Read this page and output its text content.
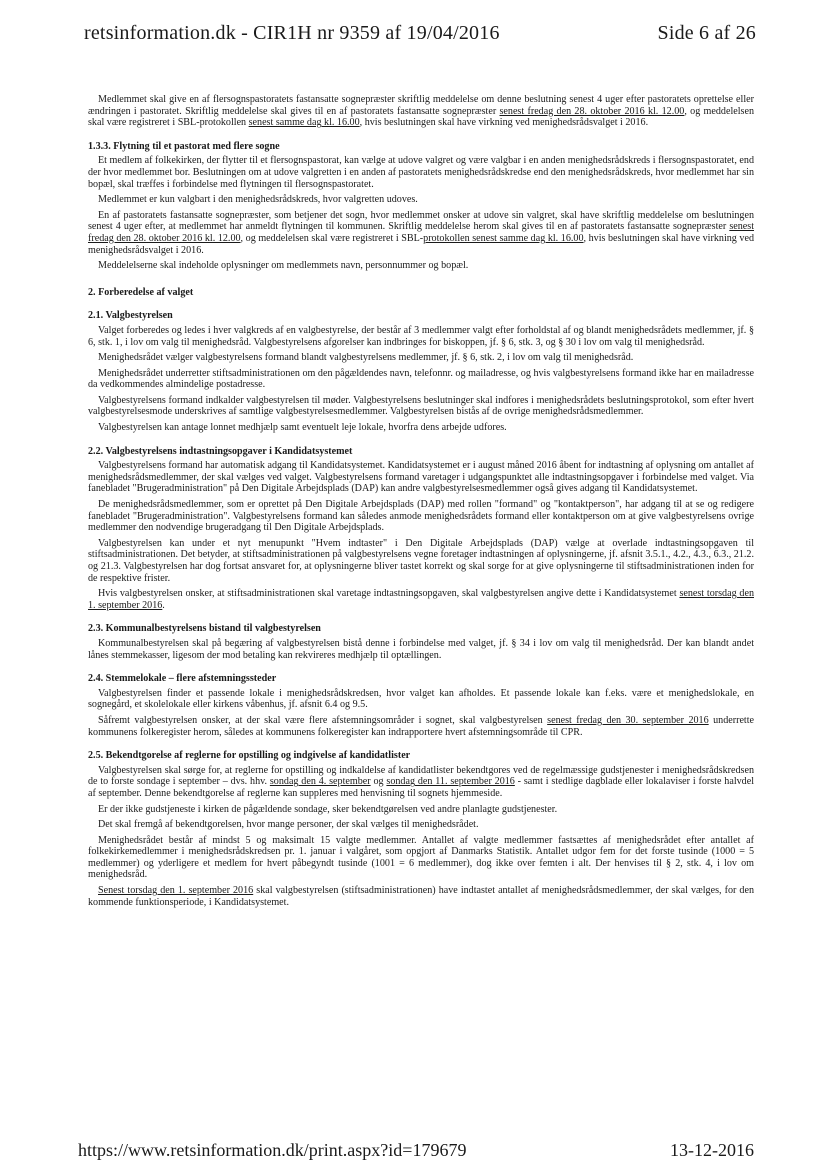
retsinformation.dk - CIR1H nr 9359 af 19/04/2016	Side 6 af 26

Medlemmet skal give en af flersognspastoratets fastansatte sognepræster skriftlig meddelelse om denne beslutning senest 4 uger efter pastoratets oprettelse eller ændringen i pastoratet. Skriftlig meddelelse skal gives til en af pastoratets fastansatte sognepræster senest fredag den 28. oktober 2016 kl. 12.00, og meddelelsen skal være registreret i SBL-protokollen senest samme dag kl. 16.00, hvis beslutningen skal have virkning ved menighedsrådsvalget i 2016.

1.3.3. Flytning til et pastorat med flere sogne

Et medlem af folkekirken, der flytter til et flersognspastorat, kan vælge at udove valgret og være valgbar i en anden menighedsrådskreds i flersognspastoratet, end der hvor medlemmet bor. Beslutningen om at udove valgretten i en anden af pastoratets menighedsrådskredse end den menighedsrådskreds, hvor medlemmet har sin bopæl, skal træffes i forbindelse med flytningen til flersognspastoratet.

Medlemmet er kun valgbart i den menighedsrådskreds, hvor valgretten udoves.

En af pastoratets fastansatte sognepræster, som betjener det sogn, hvor medlemmet onsker at udove sin valgret, skal have skriftlig meddelelse om beslutningen senest 4 uger efter, at medlemmet har anmeldt flytningen til kommunen. Skriftlig meddelelse herom skal gives til en af pastoratets fastansatte sognepræster senest fredag den 28. oktober 2016 kl. 12.00, og meddelelsen skal være registreret i SBL-protokollen senest samme dag kl. 16.00, hvis beslutningen skal have virkning ved menighedsrådsvalget i 2016.

Meddelelserne skal indeholde oplysninger om medlemmets navn, personnummer og bopæl.

2. Forberedelse af valget
2.1. Valgbestyrelsen

Valget forberedes og ledes i hver valgkreds af en valgbestyrelse, der består af 3 medlemmer valgt efter forholdstal af og blandt menighedsrådets medlemmer, jf. § 6, stk. 1, i lov om valg til menighedsråd. Valgbestyrelsens afgorelser kan indbringes for biskoppen, jf. § 6, stk. 3, og § 30 i lov om valg til menighedsråd.

Menighedsrådet vælger valgbestyrelsens formand blandt valgbestyrelsens medlemmer, jf. § 6, stk. 2, i lov om valg til menighedsråd.

Menighedsrådet underretter stiftsadministrationen om den pågældendes navn, telefonnr. og mailadresse, og hvis valgbestyrelsens formand ikke har en mailadresse da vedkommendes almindelige postadresse.

Valgbestyrelsens formand indkalder valgbestyrelsen til møder. Valgbestyrelsens beslutninger skal indfores i menighedsrådets beslutningsprotokol, som efter hvert valgbestyrelsesmode underskrives af samtlige valgbestyrelsesmedlemmer. Valgbestyrelsen bistås af de ovrige menighedsrådsmedlemmer.

Valgbestyrelsen kan antage lonnet medhjælp samt eventuelt leje lokale, hvorfra dens arbejde udfores.

2.2. Valgbestyrelsens indtastningsopgaver i Kandidatsystemet

Valgbestyrelsens formand har automatisk adgang til Kandidatsystemet. Kandidatsystemet er i august måned 2016 åbent for indtastning af oplysning om antallet af menighedsrådsmedlemmer, der skal vælges ved valget. Valgbestyrelsens formand varetager i udgangspunktet alle indtastningsopgaver i forbindelse med valget. Via fanebladet "Brugeradministration" på Den Digitale Arbejdsplads (DAP) kan andre valgbestyrelsesmedlemmer også gives adgang til Kandidatsystemet.

De menighedsrådsmedlemmer, som er oprettet på Den Digitale Arbejdsplads (DAP) med rollen "formand" og "kontaktperson", har adgang til at se og redigere fanebladet "Brugeradministration". Valgbestyrelsens formand kan således anmode menighedsrådets formand eller kontaktperson om at give valgbestyrelsens ovrige medlemmer den nodvendige brugeradgang til Den Digitale Arbejdsplads.

Valgbestyrelsen kan under et nyt menupunkt "Hvem indtaster" i Den Digitale Arbejdsplads (DAP) vælge at overlade indtastningsopgaven til stiftsadministrationen. Det betyder, at stiftsadministrationen på valgbestyrelsens vegne foretager indtastningen af oplysningerne, jf. afsnit 3.5.1., 4.2., 4.3., 6.3., 21.2. og 21.3. Valgbestyrelsen har dog fortsat ansvaret for, at oplysningerne bliver tastet korrekt og skal sorge for at give oplysningerne til stiftsadministrationen inden for de respektive frister.

Hvis valgbestyrelsen onsker, at stiftsadministrationen skal varetage indtastningsopgaven, skal valgbestyrelsen angive dette i Kandidatsystemet senest torsdag den 1. september 2016.

2.3. Kommunalbestyrelsens bistand til valgbestyrelsen

Kommunalbestyrelsen skal på begæring af valgbestyrelsen bistå denne i forbindelse med valget, jf. § 34 i lov om valg til menighedsråd. Der kan blandt andet lånes stemmekasser, ligesom der mod betaling kan rekvireres medhjælp til optællingen.

2.4. Stemmelokale – flere afstemningssteder

Valgbestyrelsen finder et passende lokale i menighedsrådskredsen, hvor valget kan afholdes. Et passende lokale kan f.eks. være et menighedslokale, en sognegård, et skolelokale eller kirkens våbenhus, jf. afsnit 6.4 og 9.5.

Såfremt valgbestyrelsen onsker, at der skal være flere afstemningsområder i sognet, skal valgbestyrelsen senest fredag den 30. september 2016 underrette kommunens folkeregister herom, således at kommunens folkeregister kan indrapportere hvert afstemningsområde til CPR.

2.5. Bekendtgorelse af reglerne for opstilling og indgivelse af kandidatlister

Valgbestyrelsen skal sørge for, at reglerne for opstilling og indkaldelse af kandidatlister bekendtgores ved de regelmæssige gudstjenester i menighedsrådskredsen de to forste sondage i september – dvs. hhv. sondag den 4. september og sondag den 11. september 2016 - samt i stedlige dagblade eller lokalaviser i forste halvdel af september. Denne bekendtgorelse af reglerne kan suppleres med henvisning til sognets hjemmeside.

Er der ikke gudstjeneste i kirken de pågældende sondage, sker bekendtgørelsen ved andre planlagte gudstjenester.

Det skal fremgå af bekendtgorelsen, hvor mange personer, der skal vælges til menighedsrådet.

Menighedsrådet består af mindst 5 og maksimalt 15 valgte medlemmer. Antallet af valgte medlemmer fastsættes af menighedsrådet efter antallet af folkekirkemedlemmer i menighedsrådskredsen pr. 1. januar i valgåret, som opgjort af Danmarks Statistik. Antallet udgor fem for det forste tusinde (1000 = 5 medlemmer) og yderligere et medlem for hvert påbegyndt tusinde (1001 = 6 medlemmer), dog ikke over femten i alt. Der henvises til § 2, stk. 4, i lov om menighedsråd.

Senest torsdag den 1. september 2016 skal valgbestyrelsen (stiftsadministrationen) have indtastet antallet af menighedsrådsmedlemmer, der skal vælges, for den kommende funktionsperiode, i Kandidatsystemet.

https://www.retsinformation.dk/print.aspx?id=179679	13-12-2016
